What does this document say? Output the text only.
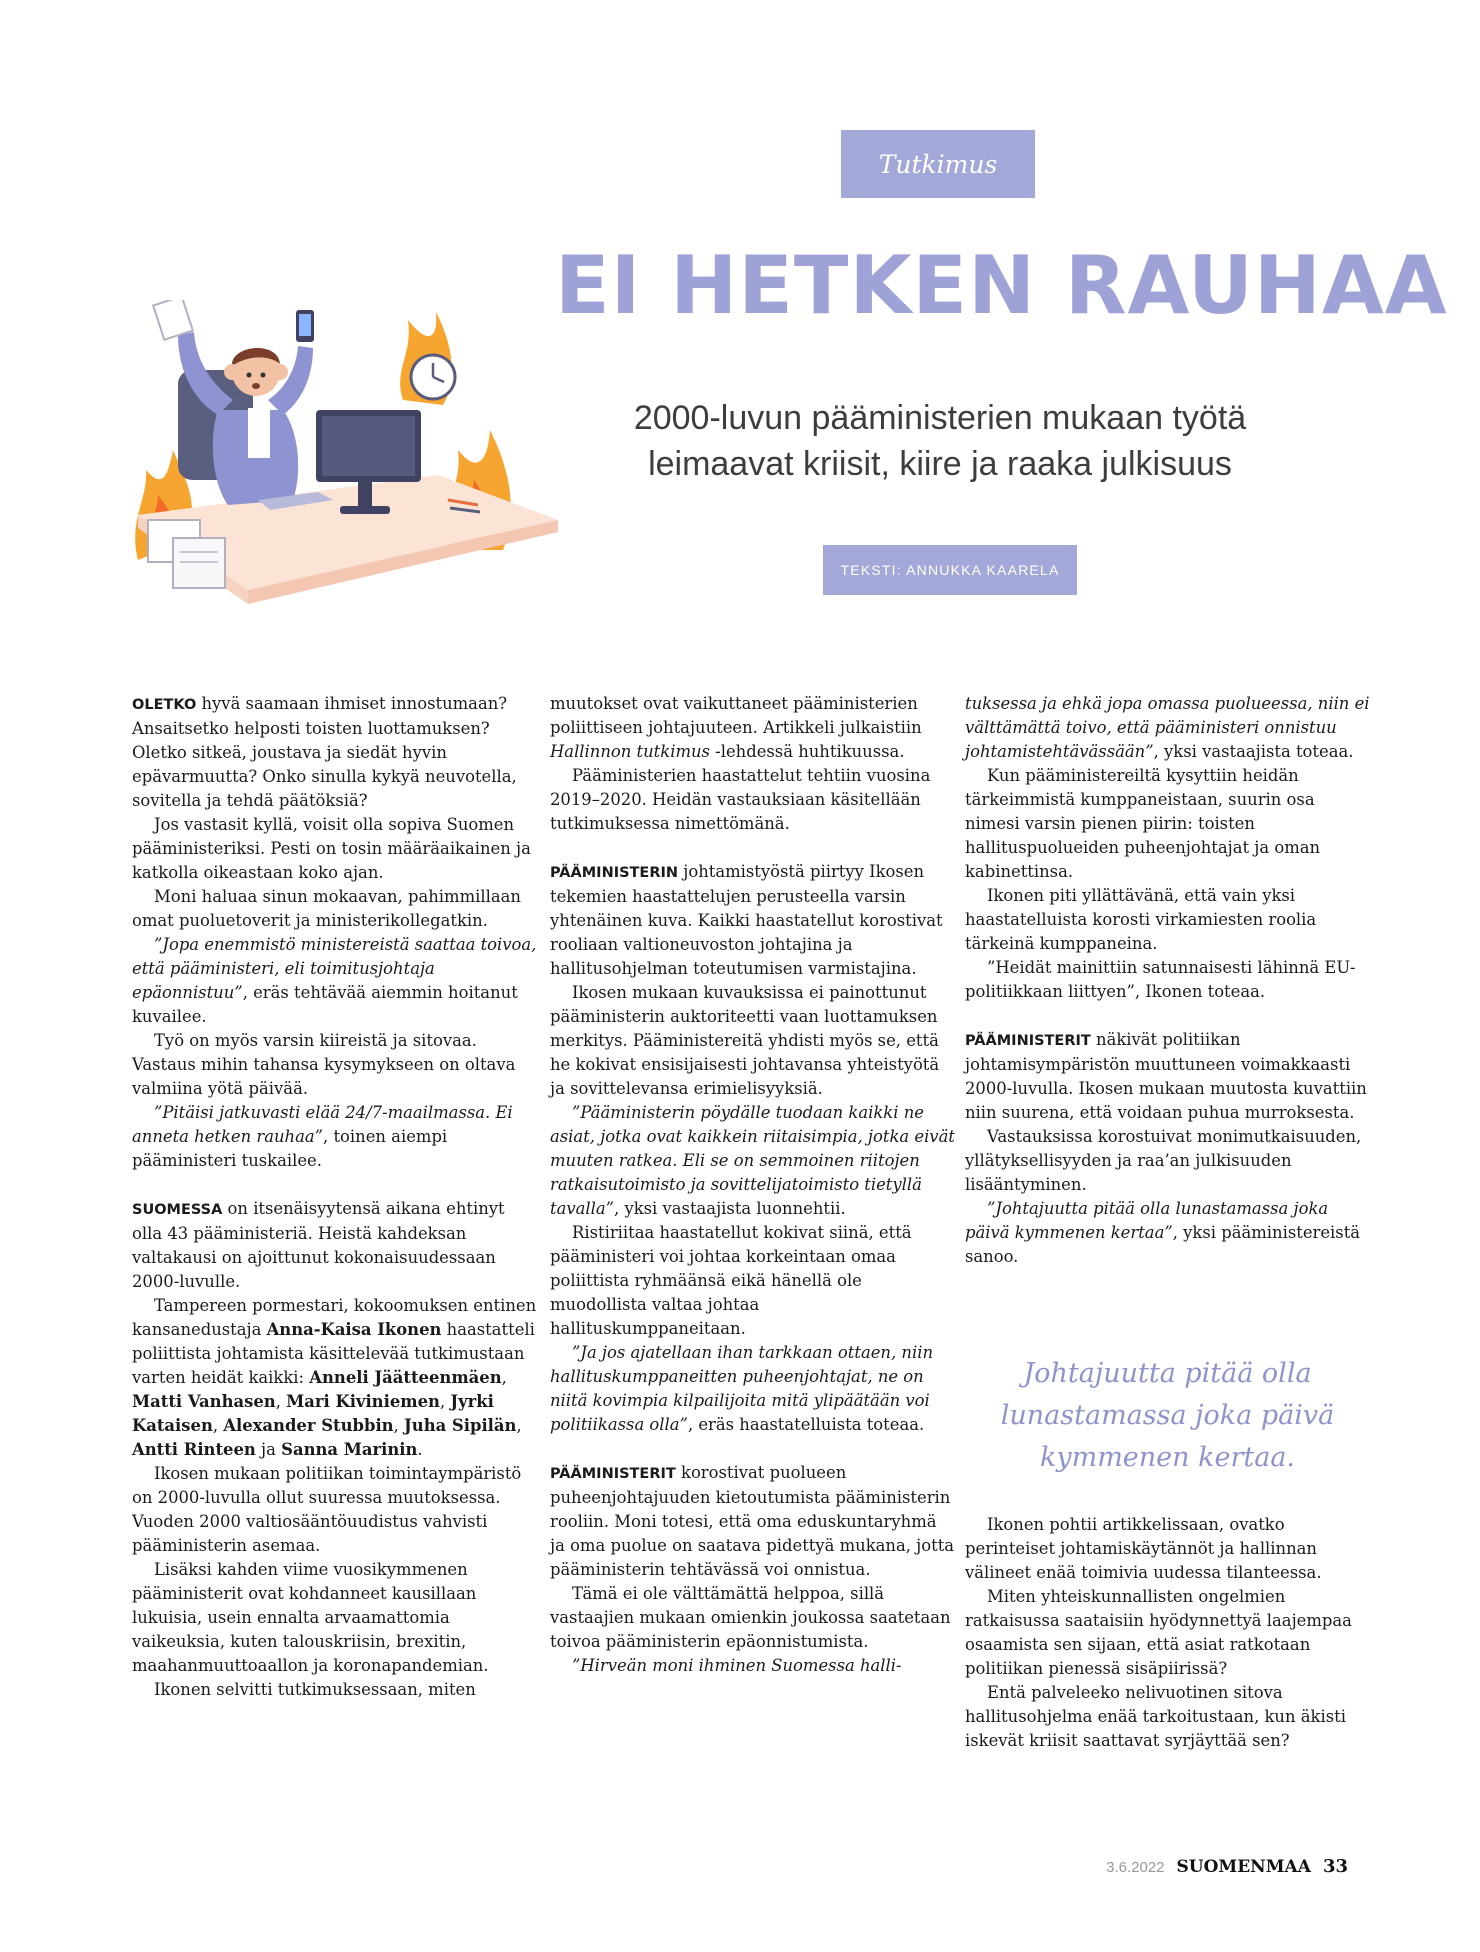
Tutkimus
EI HETKEN RAUHAA

2000-luvun pääministerien mukaan työtä
leimaavat kriisit, kiire ja raaka julkisuus

TEKSTI: ANNUKKA KAARELA

OLETKO hyvä saamaan ihmiset innostumaan? Ansaitsetko helposti toisten luottamuksen? Oletko sitkeä, joustava ja siedät hyvin epävarmuutta? Onko sinulla kykyä neuvotella, sovitella ja tehdä päätöksiä?

Jos vastasit kyllä, voisit olla sopiva Suomen pääministeriksi. Pesti on tosin määräaikainen ja katkolla oikeastaan koko ajan.

Moni haluaa sinun mokaavan, pahimmillaan omat puoluetoverit ja ministerikollegatkin.

”Jopa enemmistö ministereistä saattaa toivoa, että pääministeri, eli toimitusjohtaja epäonnistuu”, eräs tehtävää aiemmin hoitanut kuvailee.

Työ on myös varsin kiireistä ja sitovaa. Vastaus mihin tahansa kysymykseen on oltava valmiina yötä päivää.

”Pitäisi jatkuvasti elää 24/7-maailmassa. Ei anneta hetken rauhaa”, toinen aiempi pääministeri tuskailee.

SUOMESSA on itsenäisyytensä aikana ehtinyt olla 43 pääministeriä. Heistä kahdeksan valtakausi on ajoittunut kokonaisuudessaan 2000-luvulle.

Tampereen pormestari, kokoomuksen entinen kansanedustaja Anna-Kaisa Ikonen haastatteli poliittista johtamista käsittelevää tutkimustaan varten heidät kaikki: Anneli Jäätteenmäen, Matti Vanhasen, Mari Kiviniemen, Jyrki Kataisen, Alexander Stubbin, Juha Sipilän, Antti Rinteen ja Sanna Marinin.

Ikosen mukaan politiikan toimintaympäristö on 2000-luvulla ollut suuressa muutoksessa. Vuoden 2000 valtiosääntöuudistus vahvisti pääministerin asemaa.

Lisäksi kahden viime vuosikymmenen pääministerit ovat kohdanneet kausillaan lukuisia, usein ennalta arvaamattomia vaikeuksia, kuten talouskriisin, brexitin, maahanmuuttoaallon ja koronapandemian.

Ikonen selvitti tutkimuksessaan, miten

muutokset ovat vaikuttaneet pääministerien poliittiseen johtajuuteen. Artikkeli julkaistiin Hallinnon tutkimus -lehdessä huhtikuussa.

Pääministerien haastattelut tehtiin vuosina 2019–2020. Heidän vastauksiaan käsitellään tutkimuksessa nimettömänä.

PÄÄMINISTERIN johtamistyöstä piirtyy Ikosen tekemien haastattelujen perusteella varsin yhtenäinen kuva. Kaikki haastatellut korostivat rooliaan valtioneuvoston johtajina ja hallitusohjelman toteutumisen varmistajina.

Ikosen mukaan kuvauksissa ei painottunut pääministerin auktoriteetti vaan luottamuksen merkitys. Pääministereitä yhdisti myös se, että he kokivat ensisijaisesti johtavansa yhteistyötä ja sovittelevansa erimielisyyksiä.

”Pääministerin pöydälle tuodaan kaikki ne asiat, jotka ovat kaikkein riitaisimpia, jotka eivät muuten ratkea. Eli se on semmoinen riitojen ratkaisutoimisto ja sovittelijatoimisto tietyllä tavalla”, yksi vastaajista luonnehtii.

Ristiriitaa haastatellut kokivat siinä, että pääministeri voi johtaa korkeintaan omaa poliittista ryhmäänsä eikä hänellä ole muodollista valtaa johtaa hallituskumppaneitaan.

”Ja jos ajatellaan ihan tarkkaan ottaen, niin hallituskumppaneitten puheenjohtajat, ne on niitä kovimpia kilpailijoita mitä ylipäätään voi politiikassa olla”, eräs haastatelluista toteaa.

PÄÄMINISTERIT korostivat puolueen puheenjohtajuuden kietoutumista pääministerin rooliin. Moni totesi, että oma eduskuntaryhmä ja oma puolue on saatava pidettyä mukana, jotta pääministerin tehtävässä voi onnistua.

Tämä ei ole välttämättä helppoa, sillä vastaajien mukaan omienkin joukossa saatetaan toivoa pääministerin epäonnistumista.

”Hirveän moni ihminen Suomessa halli-

tuksessa ja ehkä jopa omassa puolueessa, niin ei välttämättä toivo, että pääministeri onnistuu johtamistehtävässään”, yksi vastaajista toteaa.

Kun pääministereiltä kysyttiin heidän tärkeimmistä kumppaneistaan, suurin osa nimesi varsin pienen piirin: toisten hallituspuolueiden puheenjohtajat ja oman kabinettinsa.

Ikonen piti yllättävänä, että vain yksi haastatelluista korosti virkamiesten roolia tärkeinä kumppaneina.

”Heidät mainittiin satunnaisesti lähinnä EU-politiikkaan liittyen”, Ikonen toteaa.

PÄÄMINISTERIT näkivät politiikan johtamisympäristön muuttuneen voimakkaasti 2000-luvulla. Ikosen mukaan muutosta kuvattiin niin suurena, että voidaan puhua murroksesta.

Vastauksissa korostuivat monimutkaisuuden, yllätyksellisyyden ja raa’an julkisuuden lisääntyminen.

”Johtajuutta pitää olla lunastamassa joka päivä kymmenen kertaa”, yksi pääministereistä sanoo.

Johtajuutta pitää olla
lunastamassa joka päivä
kymmenen kertaa.

Ikonen pohtii artikkelissaan, ovatko perinteiset johtamiskäytännöt ja hallinnan välineet enää toimivia uudessa tilanteessa.

Miten yhteiskunnallisten ongelmien ratkaisussa saataisiin hyödynnettyä laajempaa osaamista sen sijaan, että asiat ratkotaan politiikan pienessä sisäpiirissä?

Entä palveleeko nelivuotinen sitova hallitusohjelma enää tarkoitustaan, kun äkisti iskevät kriisit saattavat syrjäyttää sen?

3.6.2022 SUOMENMAA 33
